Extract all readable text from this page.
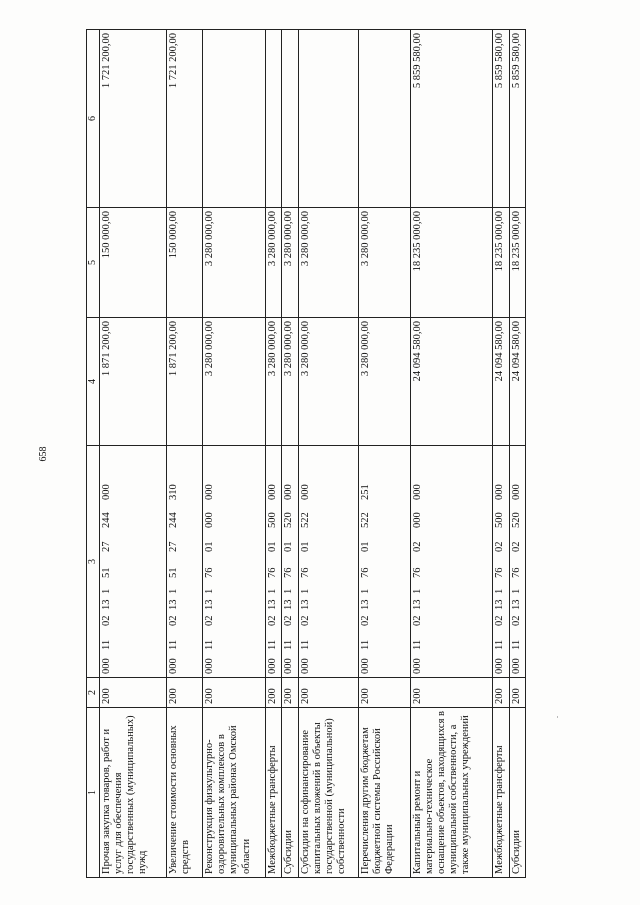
658
1	2	3	4	5	6
Прочая закупка товаров, работ и услуг для обеспечения государственных (муниципальных) нужд	200	00011021315127244000	1 871 200,00	150 000,00	1 721 200,00
Увеличение стоимости основных средств	200	00011021315127244310	1 871 200,00	150 000,00	1 721 200,00
Реконструкция физкультурно-оздоровительных комплексов в муниципальных районах Омской области	200	00011021317601000000	3 280 000,00	3 280 000,00	
Межбюджетные трансферты	200	00011021317601500000	3 280 000,00	3 280 000,00	
Субсидии	200	00011021317601520000	3 280 000,00	3 280 000,00	
Субсидии на софинансирование капитальных вложений в объекты государственной (муниципальной) собственности	200	00011021317601522000	3 280 000,00	3 280 000,00	
Перечисления другим бюджетам бюджетной системы Российской Федерации	200	00011021317601522251	3 280 000,00	3 280 000,00	
Капитальный ремонт и материально-техническое оснащение объектов, находящихся в муниципальной собственности, а также муниципальных учреждений	200	00011021317602000000	24 094 580,00	18 235 000,00	5 859 580,00
Межбюджетные трансферты	200	00011021317602500000	24 094 580,00	18 235 000,00	5 859 580,00
Субсидии	200	00011021317602520000	24 094 580,00	18 235 000,00	5 859 580,00
